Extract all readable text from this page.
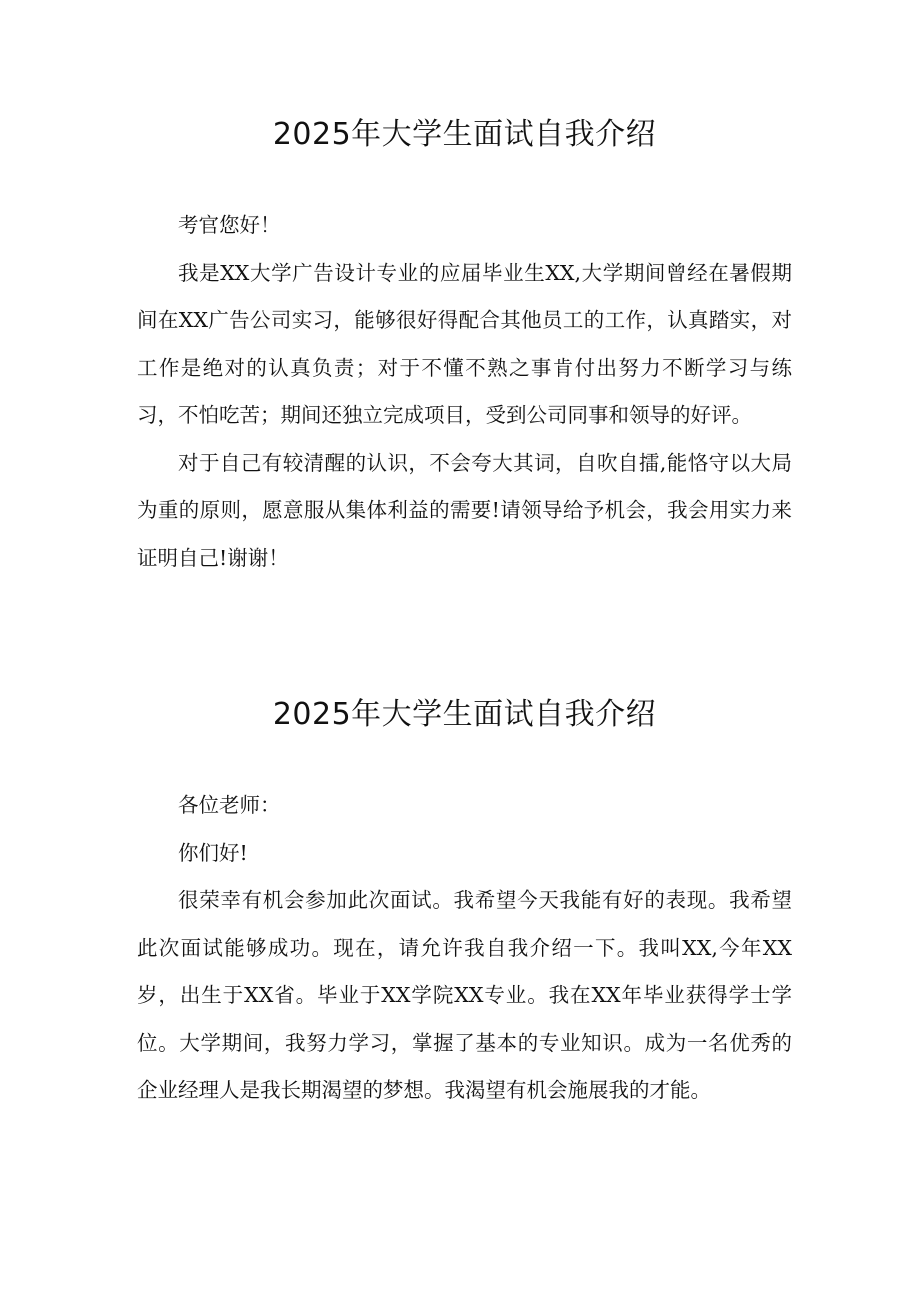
2025年大学生面试自我介绍

考官您好！

我是XX大学广告设计专业的应届毕业生XX,大学期间曾经在暑假期间在XX广告公司实习，能够很好得配合其他员工的工作，认真踏实，对工作是绝对的认真负责；对于不懂不熟之事肯付出努力不断学习与练习，不怕吃苦；期间还独立完成项目，受到公司同事和领导的好评。

对于自己有较清醒的认识，不会夸大其词，自吹自擂,能恪守以大局为重的原则，愿意服从集体利益的需要!请领导给予机会，我会用实力来证明自己!谢谢！

2025年大学生面试自我介绍

各位老师：

你们好!

很荣幸有机会参加此次面试。我希望今天我能有好的表现。我希望此次面试能够成功。现在，请允许我自我介绍一下。我叫XX,今年XX岁，出生于XX省。毕业于XX学院XX专业。我在XX年毕业获得学士学位。大学期间，我努力学习，掌握了基本的专业知识。成为一名优秀的企业经理人是我长期渴望的梦想。我渴望有机会施展我的才能。
